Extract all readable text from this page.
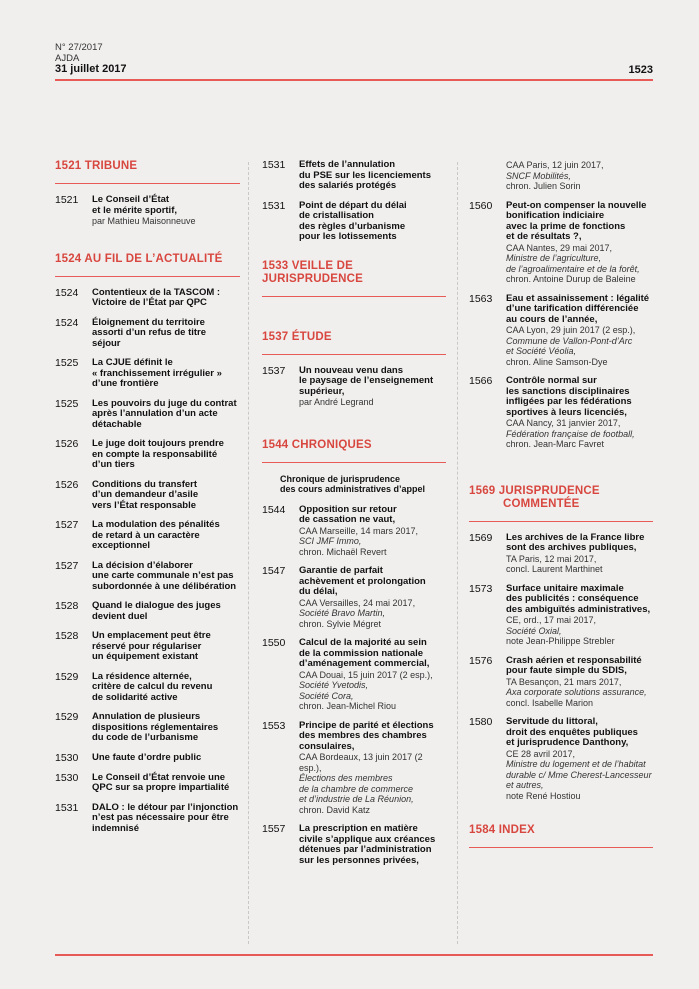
N° 27/2017
AJDA
31 juillet 2017	1523
1521 TRIBUNE
1521	Le Conseil d’État
et le mérite sportif,
par Mathieu Maisonneuve
1524 AU FIL DE L’ACTUALITÉ
1524	Contentieux de la TASCOM :
Victoire de l’État par QPC
1524	Éloignement du territoire
assorti d’un refus de titre
séjour
1525	La CJUE définit le
« franchissement irrégulier »
d’une frontière
1525	Les pouvoirs du juge du contrat
après l’annulation d’un acte
détachable
1526	Le juge doit toujours prendre
en compte la responsabilité
d’un tiers
1526	Conditions du transfert
d’un demandeur d’asile
vers l’État responsable
1527	La modulation des pénalités
de retard à un caractère
exceptionnel
1527	La décision d’élaborer
une carte communale n’est pas
subordonnée à une délibération
1528	Quand le dialogue des juges
devient duel
1528	Un emplacement peut être
réservé pour régulariser
un équipement existant
1529	La résidence alternée,
critère de calcul du revenu
de solidarité active
1529	Annulation de plusieurs
dispositions réglementaires
du code de l’urbanisme
1530	Une faute d’ordre public
1530	Le Conseil d’État renvoie une
QPC sur sa propre impartialité
1531	DALO : le détour par l’injonction
n’est pas nécessaire pour être
indemnisé
1531	Effets de l’annulation
du PSE sur les licenciements
des salariés protégés
1531	Point de départ du délai
de cristallisation
des règles d’urbanisme
pour les lotissements
1533 VEILLE DE JURISPRUDENCE
1537 ÉTUDE
1537	Un nouveau venu dans
le paysage de l’enseignement
supérieur,
par André Legrand
1544 CHRONIQUES
Chronique de jurisprudence
des cours administratives d’appel
1544	Opposition sur retour
de cassation ne vaut,
CAA Marseille, 14 mars 2017,
SCI JMF Immo,
chron. Michaël Revert
1547	Garantie de parfait
achèvement et prolongation
du délai,
CAA Versailles, 24 mai 2017,
Société Bravo Martin,
chron. Sylvie Mégret
1550	Calcul de la majorité au sein
de la commission nationale
d’aménagement commercial,
CAA Douai, 15 juin 2017 (2 esp.),
Société Yvetodis,
Société Cora,
chron. Jean-Michel Riou
1553	Principe de parité et élections
des membres des chambres
consulaires,
CAA Bordeaux, 13 juin 2017 (2 esp.),
Élections des membres
de la chambre de commerce
et d’industrie de La Réunion,
chron. David Katz
1557	La prescription en matière
civile s’applique aux créances
détenues par l’administration
sur les personnes privées,
CAA Paris, 12 juin 2017,
SNCF Mobilités,
chron. Julien Sorin
1560	Peut-on compenser la nouvelle
bonification indiciaire
avec la prime de fonctions
et de résultats ?,
CAA Nantes, 29 mai 2017,
Ministre de l’agriculture,
de l’agroalimentaire et de la forêt,
chron. Antoine Durup de Baleine
1563	Eau et assainissement : légalité
d’une tarification différenciée
au cours de l’année,
CAA Lyon, 29 juin 2017 (2 esp.),
Commune de Vallon-Pont-d’Arc
et Société Véolia,
chron. Aline Samson-Dye
1566	Contrôle normal sur
les sanctions disciplinaires
infligées par les fédérations
sportives à leurs licenciés,
CAA Nancy, 31 janvier 2017,
Fédération française de football,
chron. Jean-Marc Favret
1569 JURISPRUDENCE
COMMENTÉE
1569	Les archives de la France libre
sont des archives publiques,
TA Paris, 12 mai 2017,
concl. Laurent Marthinet
1573	Surface unitaire maximale
des publicités : conséquence
des ambiguïtés administratives,
CE, ord., 17 mai 2017,
Société Oxial,
note Jean-Philippe Strebler
1576	Crash aérien et responsabilité
pour faute simple du SDIS,
TA Besançon, 21 mars 2017,
Axa corporate solutions assurance,
concl. Isabelle Marion
1580	Servitude du littoral,
droit des enquêtes publiques
et jurisprudence Danthony,
CE 28 avril 2017,
Ministre du logement et de l’habitat
durable c/ Mme Cherest-Lancesseur
et autres,
note René Hostiou
1584 INDEX
